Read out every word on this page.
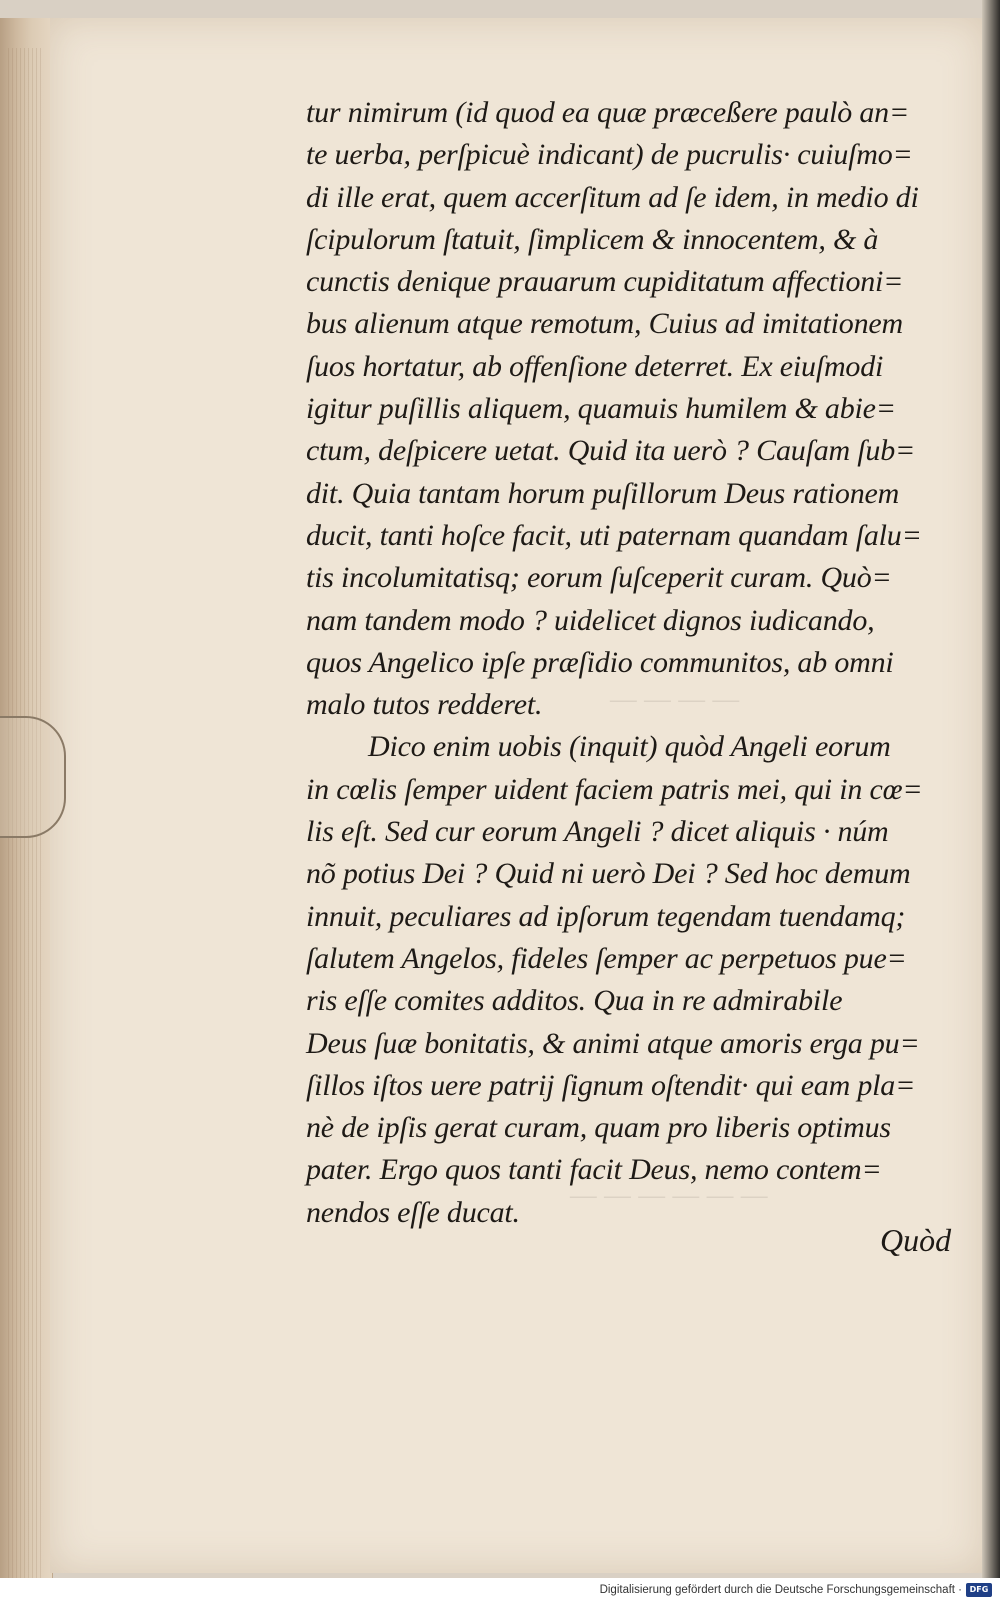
— — — —
— — — — — —
tur nimirum (id quod ea quæ præceßere paulò an=
te uerba, perſpicuè indicant) de pucrulis· cuiuſmo=
di ille erat, quem accerſitum ad ſe idem, in medio di
ſcipulorum ſtatuit, ſimplicem & innocentem, & à
cunctis denique prauarum cupiditatum affectioni=
bus alienum atque remotum, Cuius ad imitationem
ſuos hortatur, ab offenſione deterret. Ex eiuſmodi
igitur puſillis aliquem, quamuis humilem & abie=
ctum, deſpicere uetat. Quid ita uerò ? Cauſam ſub=
dit. Quia tantam horum puſillorum Deus rationem
ducit, tanti hoſce facit, uti paternam quandam ſalu=
tis incolumitatisq; eorum ſuſceperit curam. Quò=
nam tandem modo ? uidelicet dignos iudicando,
quos Angelico ipſe præſidio communitos, ab omni
malo tutos redderet.
Dico enim uobis (inquit) quòd Angeli eorum
in cœlis ſemper uident faciem patris mei, qui in cœ=
lis eſt. Sed cur eorum Angeli ? dicet aliquis · núm
nõ potius Dei ? Quid ni uerò Dei ? Sed hoc demum
innuit, peculiares ad ipſorum tegendam tuendamq;
ſalutem Angelos, fideles ſemper ac perpetuos pue=
ris eſſe comites additos. Qua in re admirabile
Deus ſuæ bonitatis, & animi atque amoris erga pu=
ſillos iſtos uere patrij ſignum oſtendit· qui eam pla=
nè de ipſis gerat curam, quam pro liberis optimus
pater. Ergo quos tanti facit Deus, nemo contem=
nendos eſſe ducat.
Quòd
Digitalisierung gefördert durch die Deutsche Forschungsgemeinschaft · DFG
